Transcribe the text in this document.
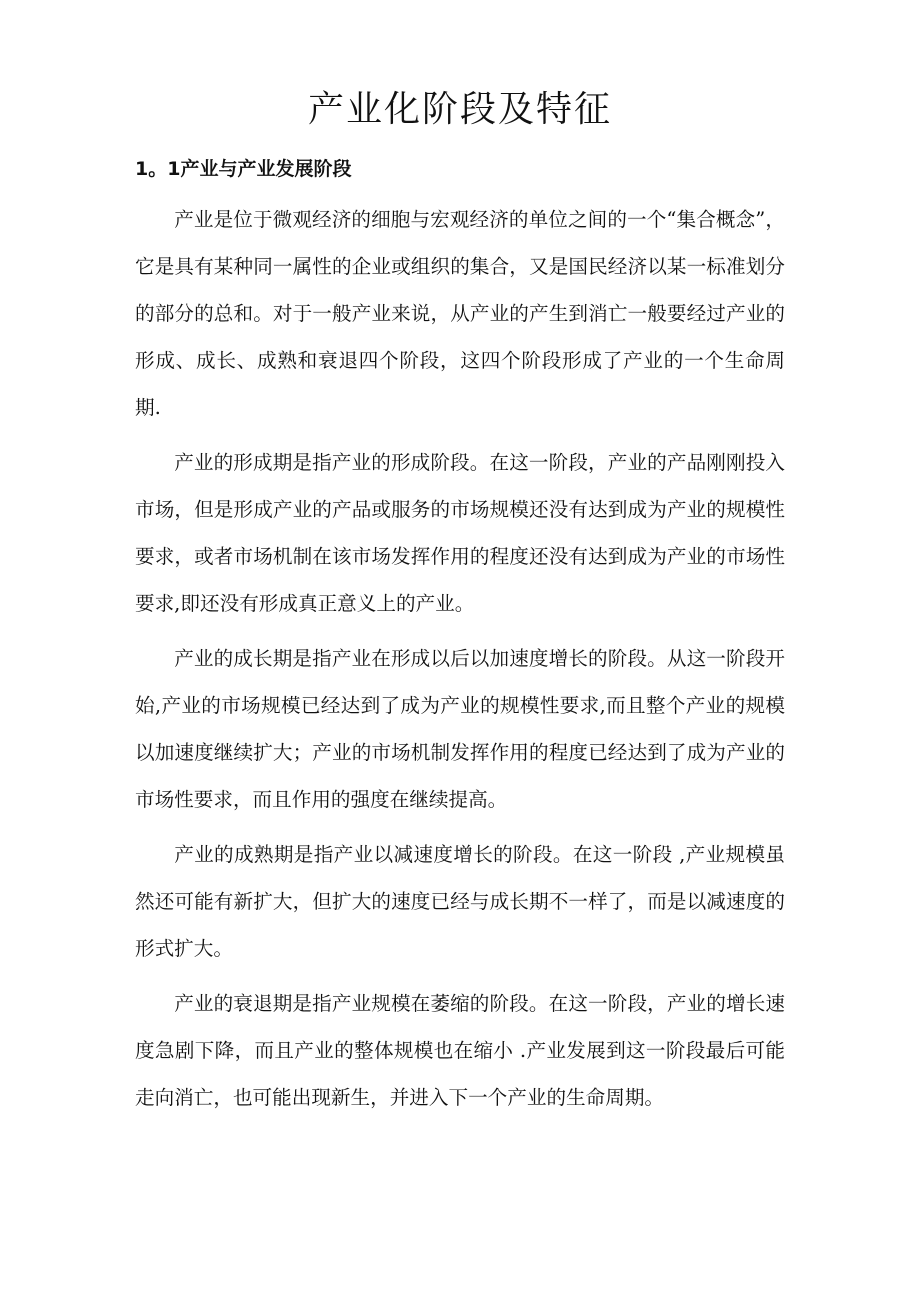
产业化阶段及特征
1。1产业与产业发展阶段

产业是位于微观经济的细胞与宏观经济的单位之间的一个“集合概念”，它是具有某种同一属性的企业或组织的集合，又是国民经济以某一标准划分的部分的总和。对于一般产业来说，从产业的产生到消亡一般要经过产业的形成、成长、成熟和衰退四个阶段，这四个阶段形成了产业的一个生命周期.

产业的形成期是指产业的形成阶段。在这一阶段，产业的产品刚刚投入市场，但是形成产业的产品或服务的市场规模还没有达到成为产业的规模性要求，或者市场机制在该市场发挥作用的程度还没有达到成为产业的市场性要求,即还没有形成真正意义上的产业。

产业的成长期是指产业在形成以后以加速度增长的阶段。从这一阶段开始,产业的市场规模已经达到了成为产业的规模性要求,而且整个产业的规模以加速度继续扩大；产业的市场机制发挥作用的程度已经达到了成为产业的市场性要求，而且作用的强度在继续提高。

产业的成熟期是指产业以减速度增长的阶段。在这一阶段 ,产业规模虽然还可能有新扩大，但扩大的速度已经与成长期不一样了，而是以减速度的形式扩大。

产业的衰退期是指产业规模在萎缩的阶段。在这一阶段，产业的增长速度急剧下降，而且产业的整体规模也在缩小 .产业发展到这一阶段最后可能走向消亡，也可能出现新生，并进入下一个产业的生命周期。
